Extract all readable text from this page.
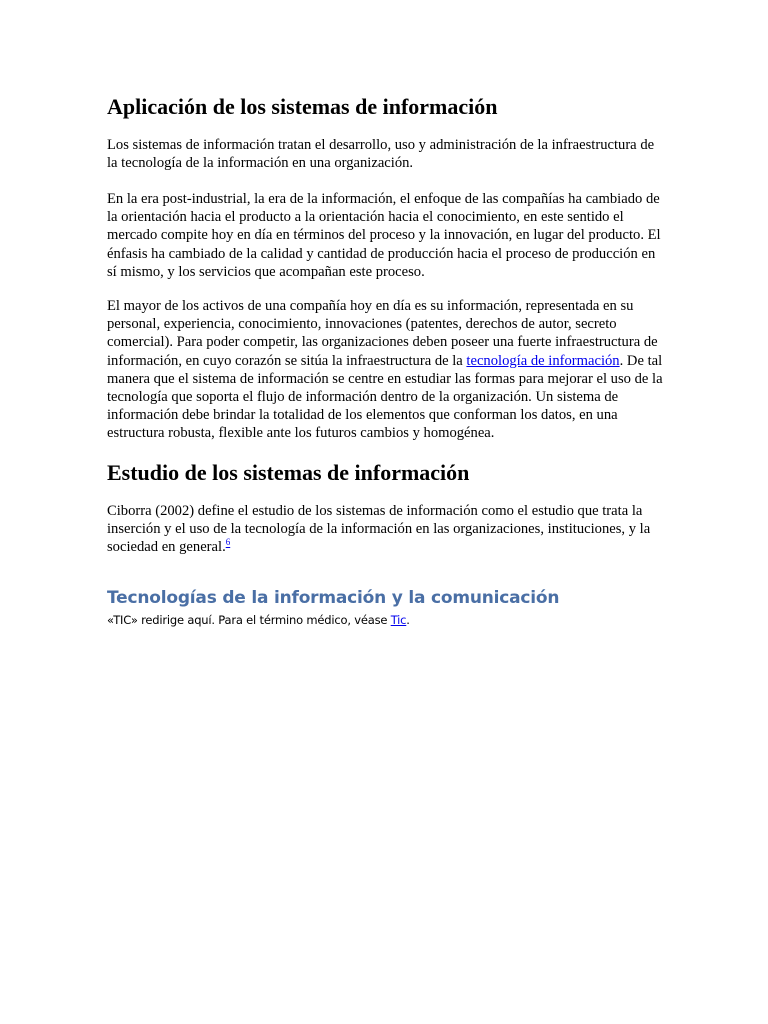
Aplicación de los sistemas de información

Los sistemas de información tratan el desarrollo, uso y administración de la infraestructura de la tecnología de la información en una organización.

En la era post-industrial, la era de la información, el enfoque de las compañías ha cambiado de la orientación hacia el producto a la orientación hacia el conocimiento, en este sentido el mercado compite hoy en día en términos del proceso y la innovación, en lugar del producto. El énfasis ha cambiado de la calidad y cantidad de producción hacia el proceso de producción en sí mismo, y los servicios que acompañan este proceso.

El mayor de los activos de una compañía hoy en día es su información, representada en su personal, experiencia, conocimiento, innovaciones (patentes, derechos de autor, secreto comercial). Para poder competir, las organizaciones deben poseer una fuerte infraestructura de información, en cuyo corazón se sitúa la infraestructura de la tecnología de información. De tal manera que el sistema de información se centre en estudiar las formas para mejorar el uso de la tecnología que soporta el flujo de información dentro de la organización. Un sistema de información debe brindar la totalidad de los elementos que conforman los datos, en una estructura robusta, flexible ante los futuros cambios y homogénea.

Estudio de los sistemas de información

Ciborra (2002) define el estudio de los sistemas de información como el estudio que trata la inserción y el uso de la tecnología de la información en las organizaciones, instituciones, y la sociedad en general.$^6$

Tecnologías de la información y la comunicación

«TIC» redirige aquí. Para el término médico, véase Tic.
